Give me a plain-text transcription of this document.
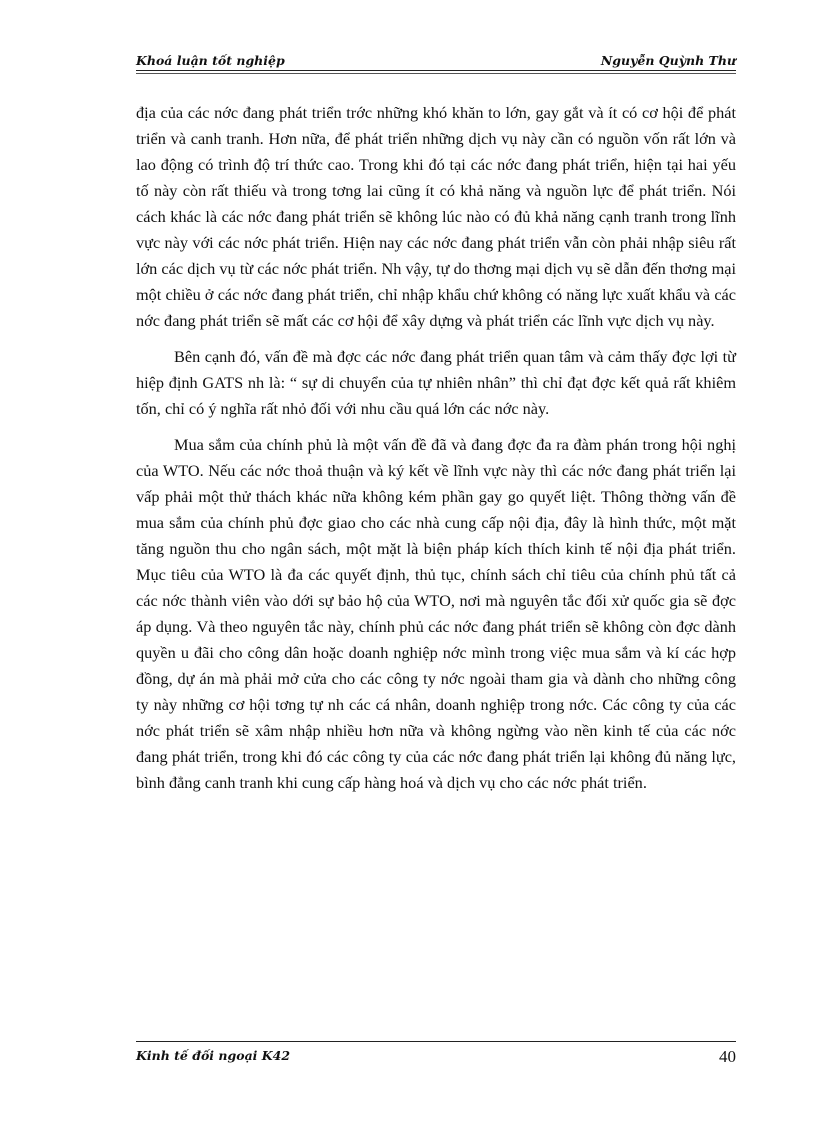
Khoá luận tốt nghiệp	Nguyễn Quỳnh Thư

địa của các nớc đang phát triển trớc những khó khăn to lớn, gay gắt và ít có cơ hội để phát triển và canh tranh. Hơn nữa, để phát triển những dịch vụ này cần có nguồn vốn rất lớn và lao động có trình độ trí thức cao. Trong khi đó tại các nớc đang phát triển, hiện tại hai yếu tố này còn rất thiếu và trong tơng lai cũng ít có khả năng và nguồn lực để phát triển. Nói cách khác là các nớc đang phát triển sẽ không lúc nào có đủ khả năng cạnh tranh trong lĩnh vực này với các nớc phát triển. Hiện nay các nớc đang phát triển vẫn còn phải nhập siêu rất lớn các dịch vụ từ các nớc phát triển. Nh vậy, tự do thơng mại dịch vụ sẽ dẫn đến thơng mại một chiều ở các nớc đang phát triển, chỉ nhập khẩu chứ không có năng lực xuất khẩu và các nớc đang phát triển sẽ mất các cơ hội để xây dựng và phát triển các lĩnh vực dịch vụ này.

Bên cạnh đó, vấn đề mà đợc các nớc đang phát triển quan tâm và cảm thấy đợc lợi từ hiệp định GATS nh là: “ sự di chuyển của tự nhiên nhân” thì chỉ đạt đợc kết quả rất khiêm tốn, chỉ có ý nghĩa rất nhỏ đối với nhu cầu quá lớn các nớc này.

Mua sắm của chính phủ là một vấn đề đã và đang đợc đa ra đàm phán trong hội nghị của WTO. Nếu các nớc thoả thuận và ký kết về lĩnh vực này thì các nớc đang phát triển lại vấp phải một thử thách khác nữa không kém phần gay go quyết liệt. Thông thờng vấn đề mua sắm của chính phủ đợc giao cho các nhà cung cấp nội địa, đây là hình thức, một mặt tăng nguồn thu cho ngân sách, một mặt là biện pháp kích thích kinh tế nội địa phát triển. Mục tiêu của WTO là đa các quyết định, thủ tục, chính sách chỉ tiêu của chính phủ tất cả các nớc thành viên vào dới sự bảo hộ của WTO, nơi mà nguyên tắc đối xử quốc gia sẽ đợc áp dụng. Và theo nguyên tắc này, chính phủ các nớc đang phát triển sẽ không còn đợc dành quyền u đãi cho công dân hoặc doanh nghiệp nớc mình trong việc mua sắm và kí các hợp đồng, dự án mà phải mở cửa cho các công ty nớc ngoài tham gia và dành cho những công ty này những cơ hội tơng tự nh các cá nhân, doanh nghiệp trong nớc. Các công ty của các nớc phát triển sẽ xâm nhập nhiều hơn nữa và không ngừng vào nền kinh tế của các nớc đang phát triển, trong khi đó các công ty của các nớc đang phát triển lại không đủ năng lực, bình đẳng canh tranh khi cung cấp hàng hoá và dịch vụ cho các nớc phát triển.

Kinh tế đối ngoại K42	40
